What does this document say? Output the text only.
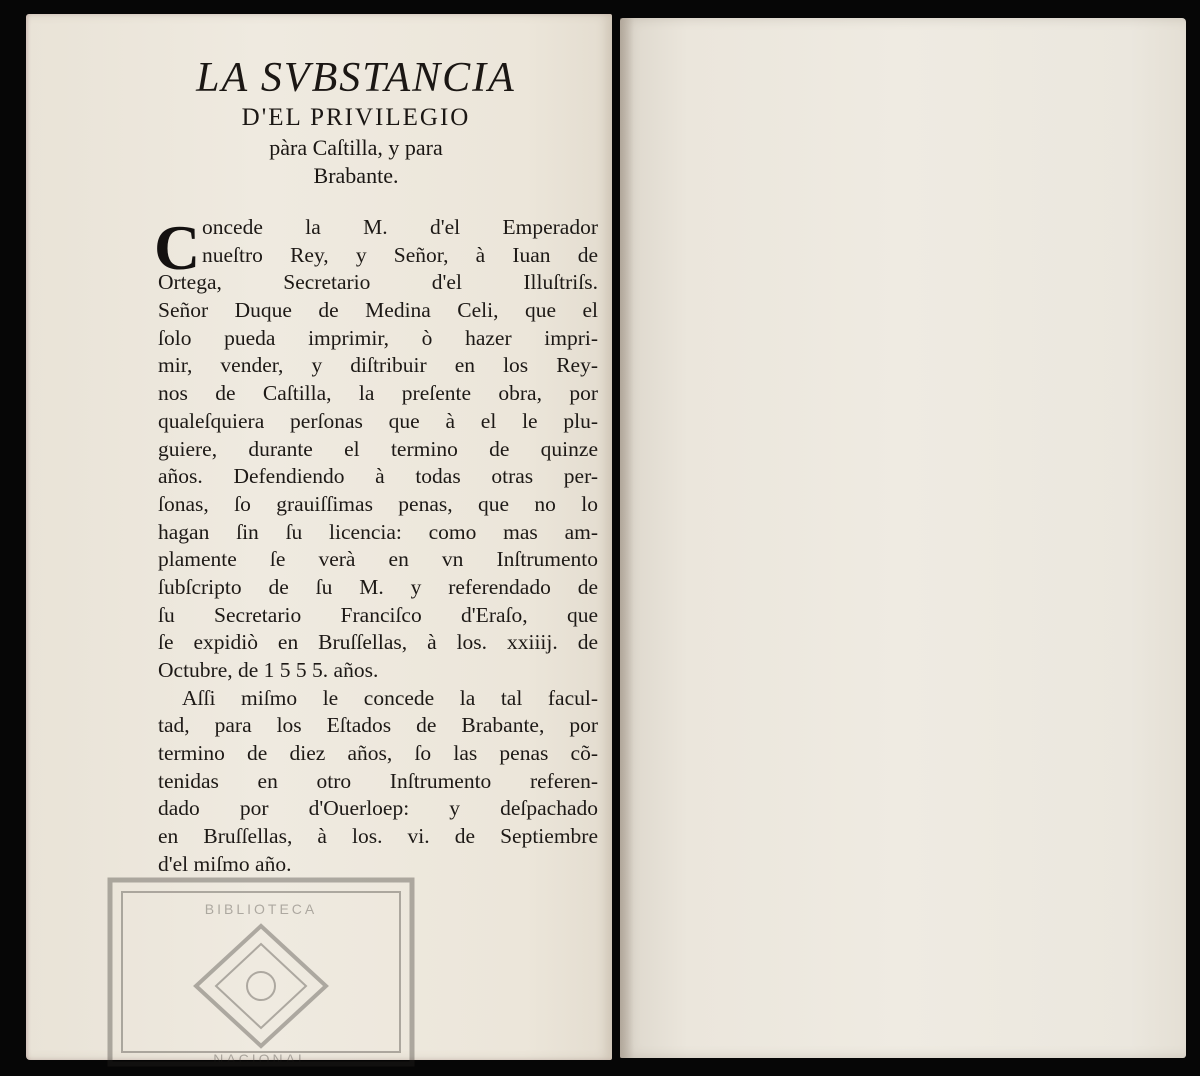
LA SVBSTANCIA
D'EL PRIVILEGIO
pàra Caſtilla, y para
Brabante.
C oncede la M. d'el Emperador
nueſtro Rey, y Señor, à Iuan de
Ortega, Secretario d'el Illuſtriſs.
Señor Duque de Medina Celi, que el
ſolo pueda imprimir, ò hazer impri-
mir, vender, y diſtribuir en los Rey-
nos de Caſtilla, la preſente obra, por
qualeſquiera perſonas que à el le plu-
guiere, durante el termino de quinze
años. Defendiendo à todas otras per-
ſonas, ſo grauiſſimas penas, que no lo
hagan ſin ſu licencia: como mas am-
plamente ſe verà en vn Inſtrumento
ſubſcripto de ſu M. y referendado de
ſu Secretario Franciſco d'Eraſo, que
ſe expidiò en Bruſſellas, à los. xxiiij. de
Octubre, de 1 5 5 5. años.
Aſſi miſmo le concede la tal facul-
tad, para los Eſtados de Brabante, por
termino de diez años, ſo las penas cõ-
tenidas en otro Inſtrumento referen-
dado por d'Ouerloep: y deſpachado
en Bruſſellas, à los. vi. de Septiembre
d'el miſmo año.
BIBLIOTECA
NACIONAL
